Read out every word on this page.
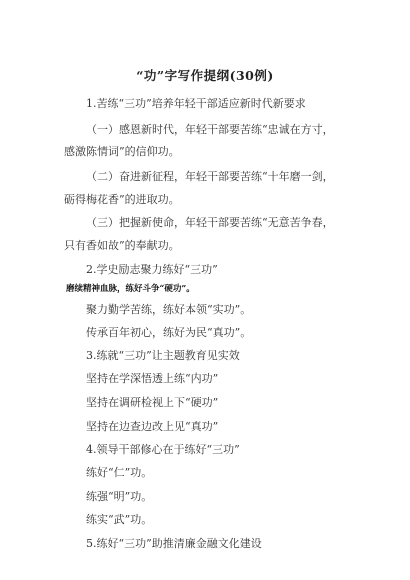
“功”字写作提纲(30例)
1.苦练“三功”培养年轻干部适应新时代新要求
（一）感恩新时代，年轻干部要苦练“忠诚在方寸，
感激陈情词”的信仰功。
（二）奋进新征程，年轻干部要苦练“十年磨一剑，
砺得梅花香”的进取功。
（三）把握新使命，年轻干部要苦练“无意苦争春，
只有香如故”的奉献功。
2.学史励志聚力练好“三功”
磨续精神血脉，练好斗争“硬功”。
聚力勤学苦练，练好本领“实功”。
传承百年初心，练好为民“真功”。
3.练就“三功”让主题教育见实效
坚持在学深悟透上练“内功”
坚持在调研检视上下“硬功”
坚持在边查边改上见“真功”
4.领导干部修心在于练好“三功”
练好“仁”功。
练强“明”功。
练实“武”功。
5.练好“三功”助推清廉金融文化建设
